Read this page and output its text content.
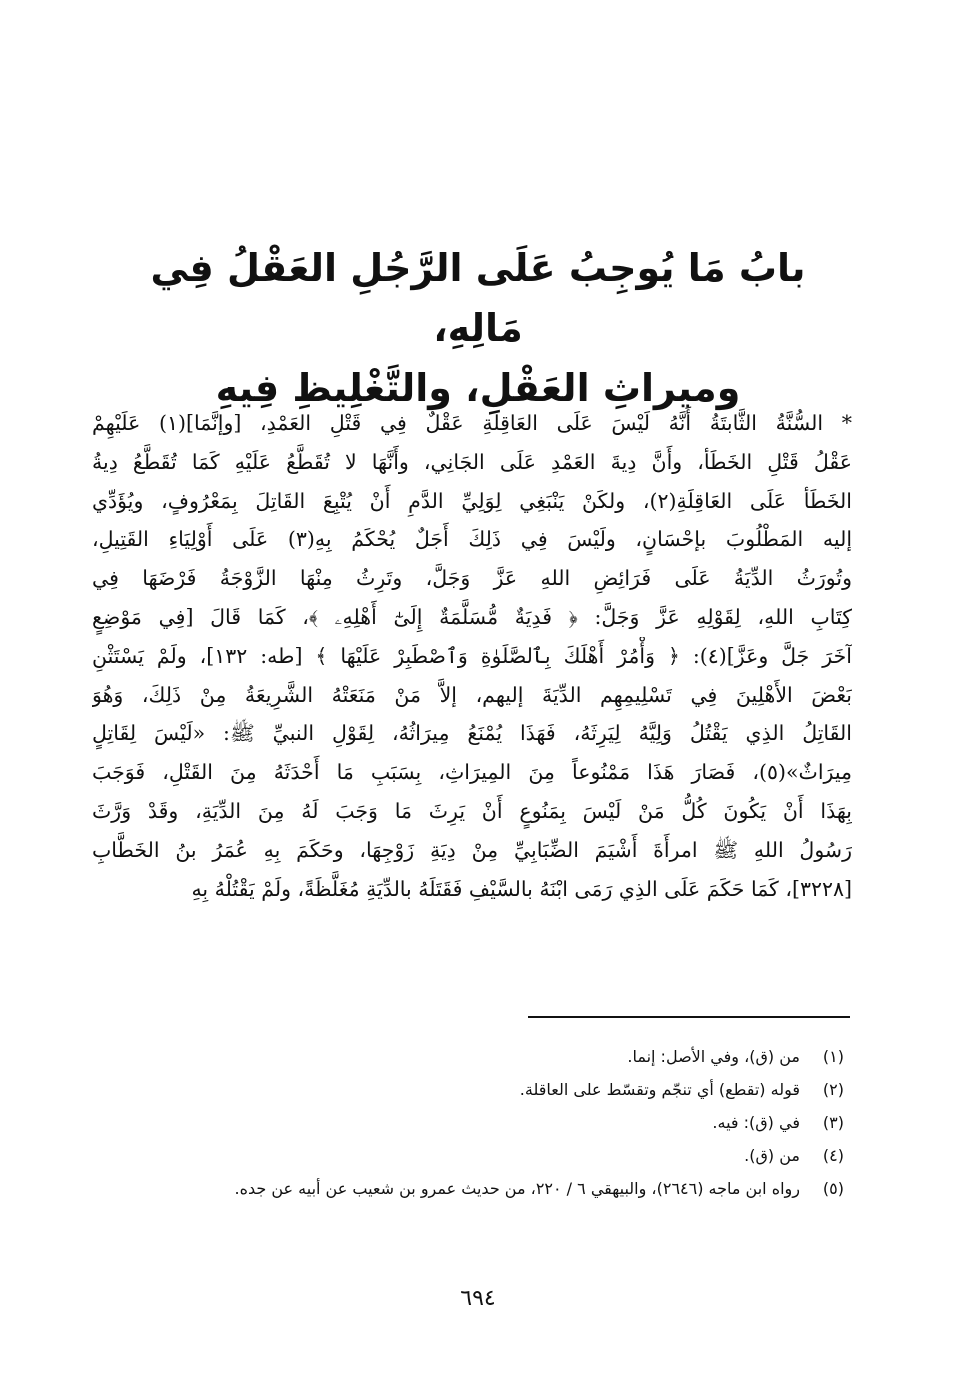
بابُ مَا يُوجِبُ عَلَى الرَّجُلِ العَقْلُ فِي مَالِهِ،
وميراثِ العَقْلِ، والتَّغْلِيظِ فِيهِ
* السُّنَّةُ الثَّابتَةُ أَنَّهُ لَيْسَ عَلَى العَاقِلَةِ عَقْلٌ فِي قَتْلِ العَمْدِ، [وإنَّمَا](١) عَلَيْهِمْ
عَقْلُ قَتْلِ الخَطَأ، وأَنَّ دِيةَ العَمْدِ عَلَى الجَانِي، وأَنَّهَا لا تُقَطَّعُ عَلَيْهِ كَمَا تُقَطَّعُ دِيةُ
الخَطَأ عَلَى العَاقِلَةِ(٢)، ولكَنْ يَنْبَغِي لِوَلِيِّ الدَّمِ أَنْ يُتْبِعَ القَاتِلَ بِمَعْرُوفٍ، ويُؤَدِّي
إليه المَطْلُوبَ بإحْسَانٍ، ولَيْسَ فِي ذَلِكَ أَجَلٌ يُحْكَمُ بِهِ(٣) عَلَى أَوْلِيَاءِ القَتِيلِ،
وتُورَثُ الدِّيَةُ عَلَى فَرَائِضِ اللهِ عَزَّ وَجَلَّ، وتَرِثُ مِنْهَا الزَّوْجَةُ فَرْضَهَا فِي
كِتَابِ اللهِ، لِقَوْلِهِ عَزَّ وَجَلَّ: ﴿ فَدِيَةٌ مُّسَلَّمَةٌ إِلَىٰٓ أَهْلِهِۦ ﴾، كَمَا قَالَ [فِي مَوْضِعٍ
آخَرَ جَلَّ وعَزَّ](٤): ﴿ وَأْمُرْ أَهْلَكَ بِٱلصَّلَوٰةِ وَٱصْطَبِرْ عَلَيْهَا ﴾ [طه: ١٣٢]، ولَمْ يَسْتَثْنِ
بَعْضَ الأَهْلِينَ فِي تَسْلِيمِهِم الدِّيَةَ إليهم، إلاَّ مَنْ مَنَعَتْهُ الشَّرِيعَةُ مِنْ ذَلِكَ، وَهُوَ
القَاتِلُ الذِي يَقْتُلُ وَلِيَّهُ لِيَرِثَهُ، فَهَذَا يُمْنَعُ مِيرَاثُهُ، لِقَوْلِ النبيِّ ﷺ: «لَيْسَ لِقَاتِلٍ
مِيرَاثٌ»(٥)، فَصَارَ هَذَا مَمْنُوعاً مِنَ المِيرَاثِ، بِسَبَبِ مَا أَحْدَثَهُ مِنَ القَتْلِ، فَوَجَبَ
بِهَذَا أَنْ يَكُونَ كُلُّ مَنْ لَيْسَ بِمَنُوعٍ أَنْ يَرِثَ مَا وَجَبَ لَهُ مِنَ الدِّيَةِ، وقَدْ وَرَّثَ
رَسُولُ اللهِ ﷺ امرأَةَ أَشْيَمَ الضِّبَابِيِّ مِنْ دِيَةِ زَوْجِهَا، وحَكَمَ بِهِ عُمَرُ بنُ الخَطَّابِ
[٣٢٢٨]، كَمَا حَكَمَ عَلَى الذِي رَمَى ابْنَهُ بالسَّيْفِ فَقَتَلَهُ بالدِّيَةِ مُغَلَّظَةً، ولَمْ يَقْتُلْهُ بِهِ
(١)
من (ق)، وفي الأصل: إنما.
(٢)
قوله (تقطع) أي تنجّم وتقسّط على العاقلة.
(٣)
في (ق): فيه.
(٤)
من (ق).
(٥)
رواه ابن ماجه (٢٦٤٦)، والبيهقي ٦ / ٢٢٠، من حديث عمرو بن شعيب عن أبيه عن جده.
٦٩٤
